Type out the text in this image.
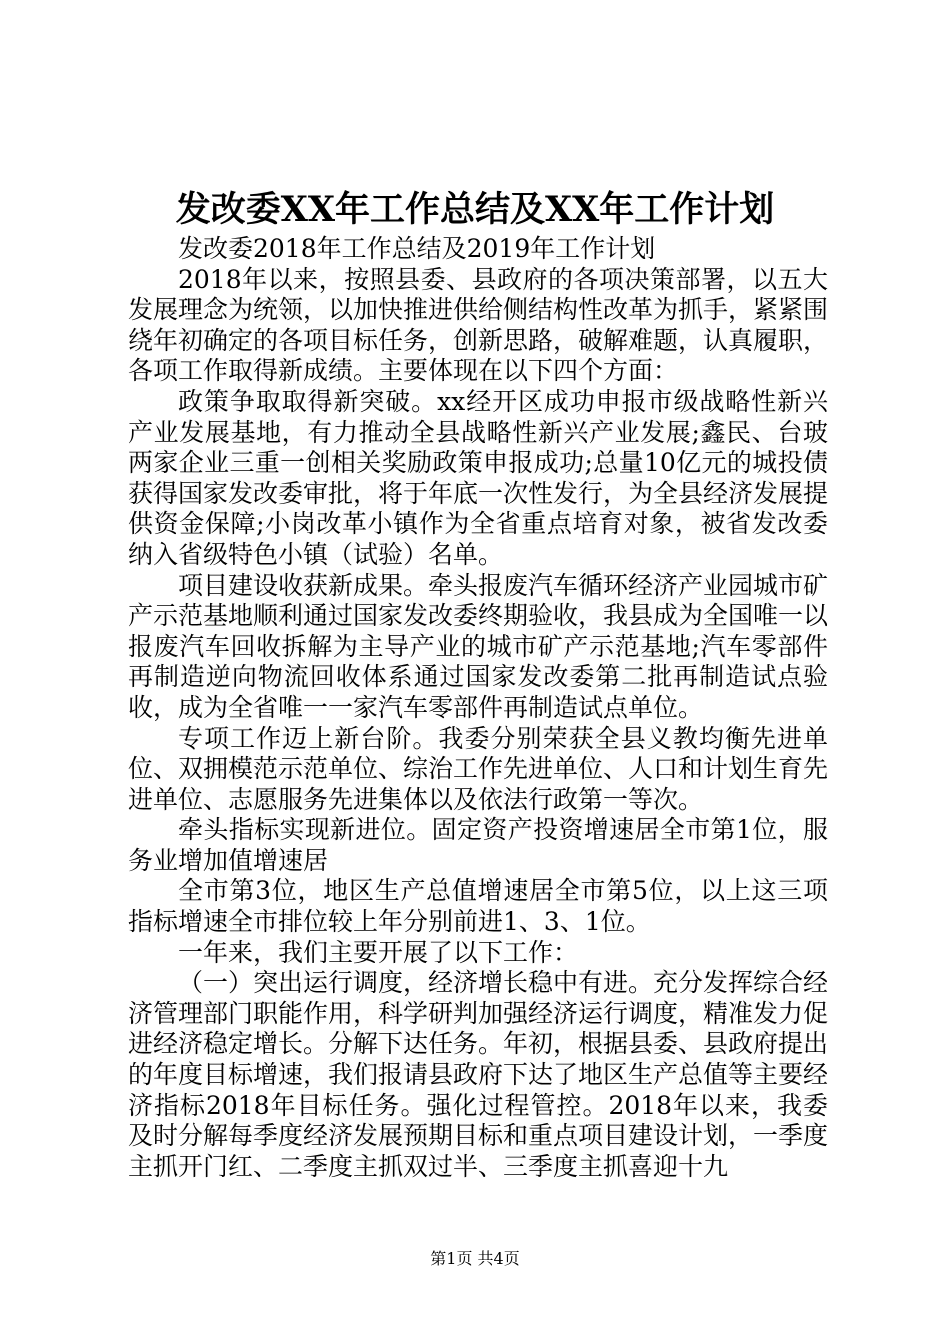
发改委XX年工作总结及XX年工作计划

发改委2018年工作总结及2019年工作计划

2018年以来，按照县委、县政府的各项决策部署，以五大发展理念为统领，以加快推进供给侧结构性改革为抓手，紧紧围绕年初确定的各项目标任务，创新思路，破解难题，认真履职，各项工作取得新成绩。主要体现在以下四个方面：

政策争取取得新突破。xx经开区成功申报市级战略性新兴产业发展基地，有力推动全县战略性新兴产业发展;鑫民、台玻两家企业三重一创相关奖励政策申报成功;总量10亿元的城投债获得国家发改委审批，将于年底一次性发行，为全县经济发展提供资金保障;小岗改革小镇作为全省重点培育对象，被省发改委纳入省级特色小镇（试验）名单。

项目建设收获新成果。牵头报废汽车循环经济产业园城市矿产示范基地顺利通过国家发改委终期验收，我县成为全国唯一以报废汽车回收拆解为主导产业的城市矿产示范基地;汽车零部件再制造逆向物流回收体系通过国家发改委第二批再制造试点验收，成为全省唯一一家汽车零部件再制造试点单位。

专项工作迈上新台阶。我委分别荣获全县义教均衡先进单位、双拥模范示范单位、综治工作先进单位、人口和计划生育先进单位、志愿服务先进集体以及依法行政第一等次。

牵头指标实现新进位。固定资产投资增速居全市第1位，服务业增加值增速居

全市第3位，地区生产总值增速居全市第5位，以上这三项指标增速全市排位较上年分别前进1、3、1位。

一年来，我们主要开展了以下工作：

（一）突出运行调度，经济增长稳中有进。充分发挥综合经济管理部门职能作用，科学研判加强经济运行调度，精准发力促进经济稳定增长。分解下达任务。年初，根据县委、县政府提出的年度目标增速，我们报请县政府下达了地区生产总值等主要经济指标2018年目标任务。强化过程管控。2018年以来，我委及时分解每季度经济发展预期目标和重点项目建设计划，一季度主抓开门红、二季度主抓双过半、三季度主抓喜迎十九

第1页 共4页
